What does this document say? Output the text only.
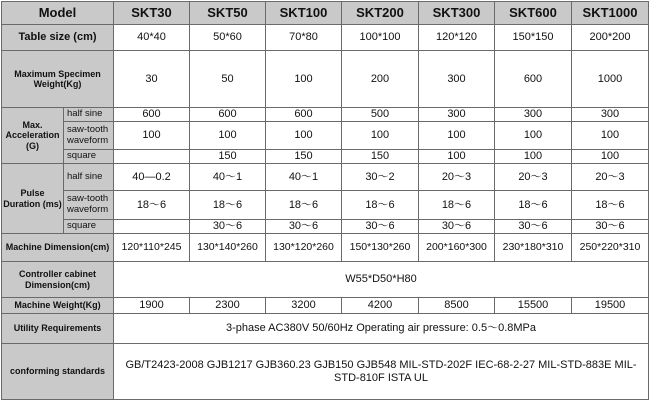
Model		SKT30	SKT50	SKT100	SKT200	SKT300	SKT600	SKT1000
Table size (cm)		40*40	50*60	70*80	100*100	120*120	150*150	200*200
Maximum Specimen Weight(Kg)		30	50	100	200	300	600	1000
Max. Acceleration (G)	half sine	600	600	600	500	300	300	300
	saw-tooth waveform	100	100	100	100	100	100	100
	square		150	150	150	100	100	100
Pulse Duration (ms)	half sine	40—0.2	40～1	40～1	30～2	20～3	20～3	20～3
	saw-tooth waveform	18～6	18～6	18～6	18～6	18～6	18～6	18～6
	square		30～6	30～6	30～6	30～6	30～6	30～6
Machine Dimension(cm)		120*110*245	130*140*260	130*120*260	150*130*260	200*160*300	230*180*310	250*220*310
Controller cabinet Dimension(cm)		W55*D50*H80						
Machine Weight(Kg)		1900	2300	3200	4200	8500	15500	19500
Utility Requirements		3-phase AC380V 50/60Hz Operating air pressure: 0.5～0.8MPa						
conforming standards		GB/T2423-2008 GJB1217 GJB360.23 GJB150 GJB548 MIL-STD-202F IEC-68-2-27 MIL-STD-883E MIL-STD-810F ISTA UL						
